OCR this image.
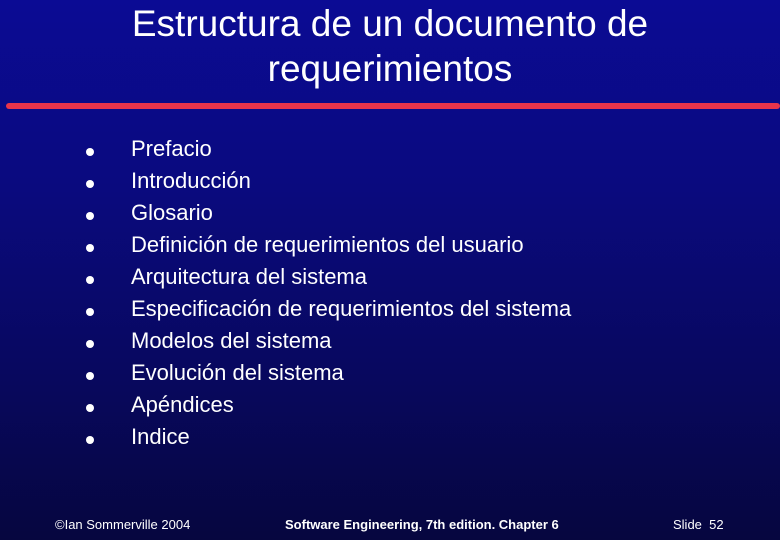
Estructura de un documento de
requerimientos
Prefacio
Introducción
Glosario
Definición de requerimientos del usuario
Arquitectura del sistema
Especificación de requerimientos del sistema
Modelos del sistema
Evolución del sistema
Apéndices
Indice
©Ian Sommerville 2004	Software Engineering, 7th edition. Chapter 6	Slide  52
